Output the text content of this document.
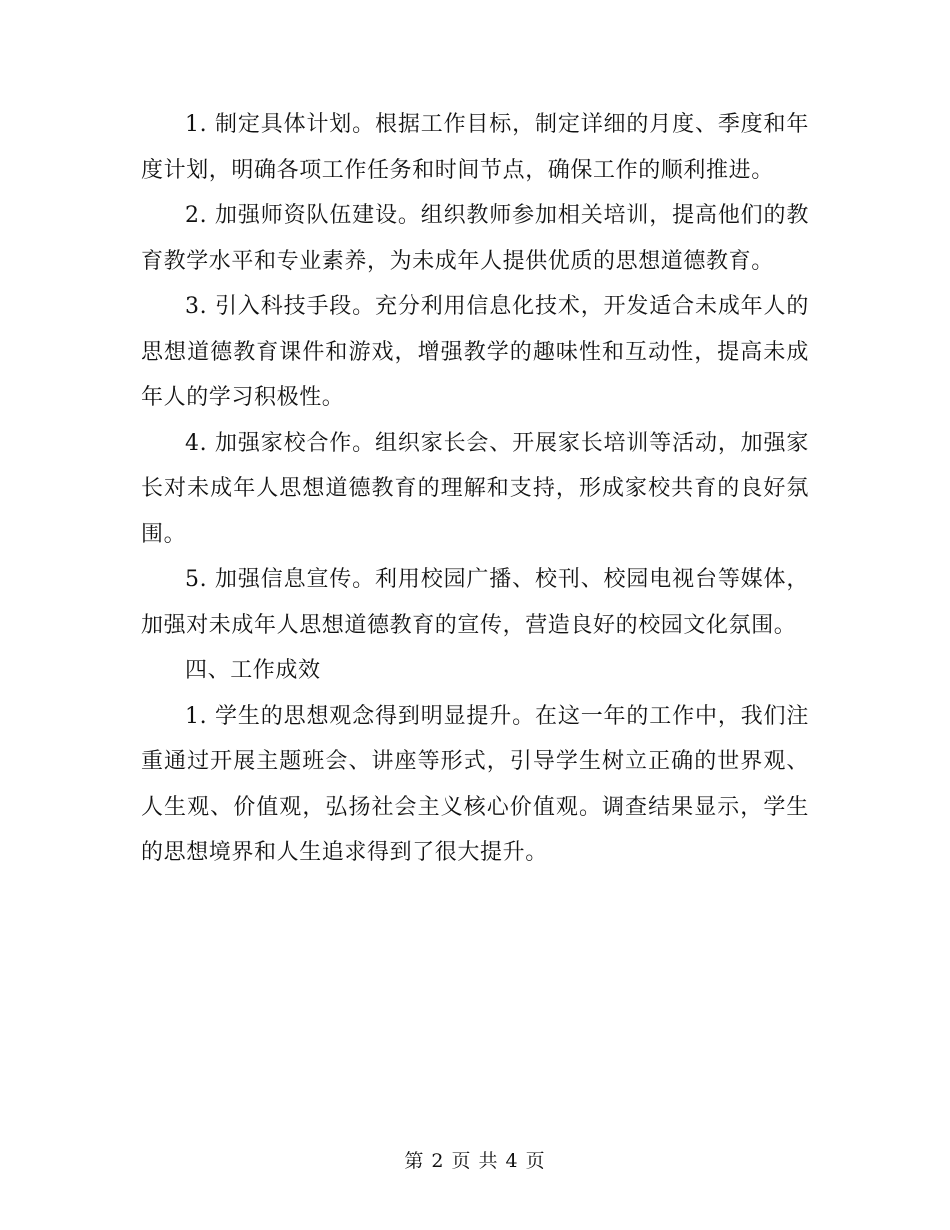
1. 制定具体计划。根据工作目标，制定详细的月度、季度和年度计划，明确各项工作任务和时间节点，确保工作的顺利推进。

2. 加强师资队伍建设。组织教师参加相关培训，提高他们的教育教学水平和专业素养，为未成年人提供优质的思想道德教育。

3. 引入科技手段。充分利用信息化技术，开发适合未成年人的思想道德教育课件和游戏，增强教学的趣味性和互动性，提高未成年人的学习积极性。

4. 加强家校合作。组织家长会、开展家长培训等活动，加强家长对未成年人思想道德教育的理解和支持，形成家校共育的良好氛围。

5. 加强信息宣传。利用校园广播、校刊、校园电视台等媒体，加强对未成年人思想道德教育的宣传，营造良好的校园文化氛围。

四、工作成效

1. 学生的思想观念得到明显提升。在这一年的工作中，我们注重通过开展主题班会、讲座等形式，引导学生树立正确的世界观、人生观、价值观，弘扬社会主义核心价值观。调查结果显示，学生的思想境界和人生追求得到了很大提升。

第 2 页 共 4 页
